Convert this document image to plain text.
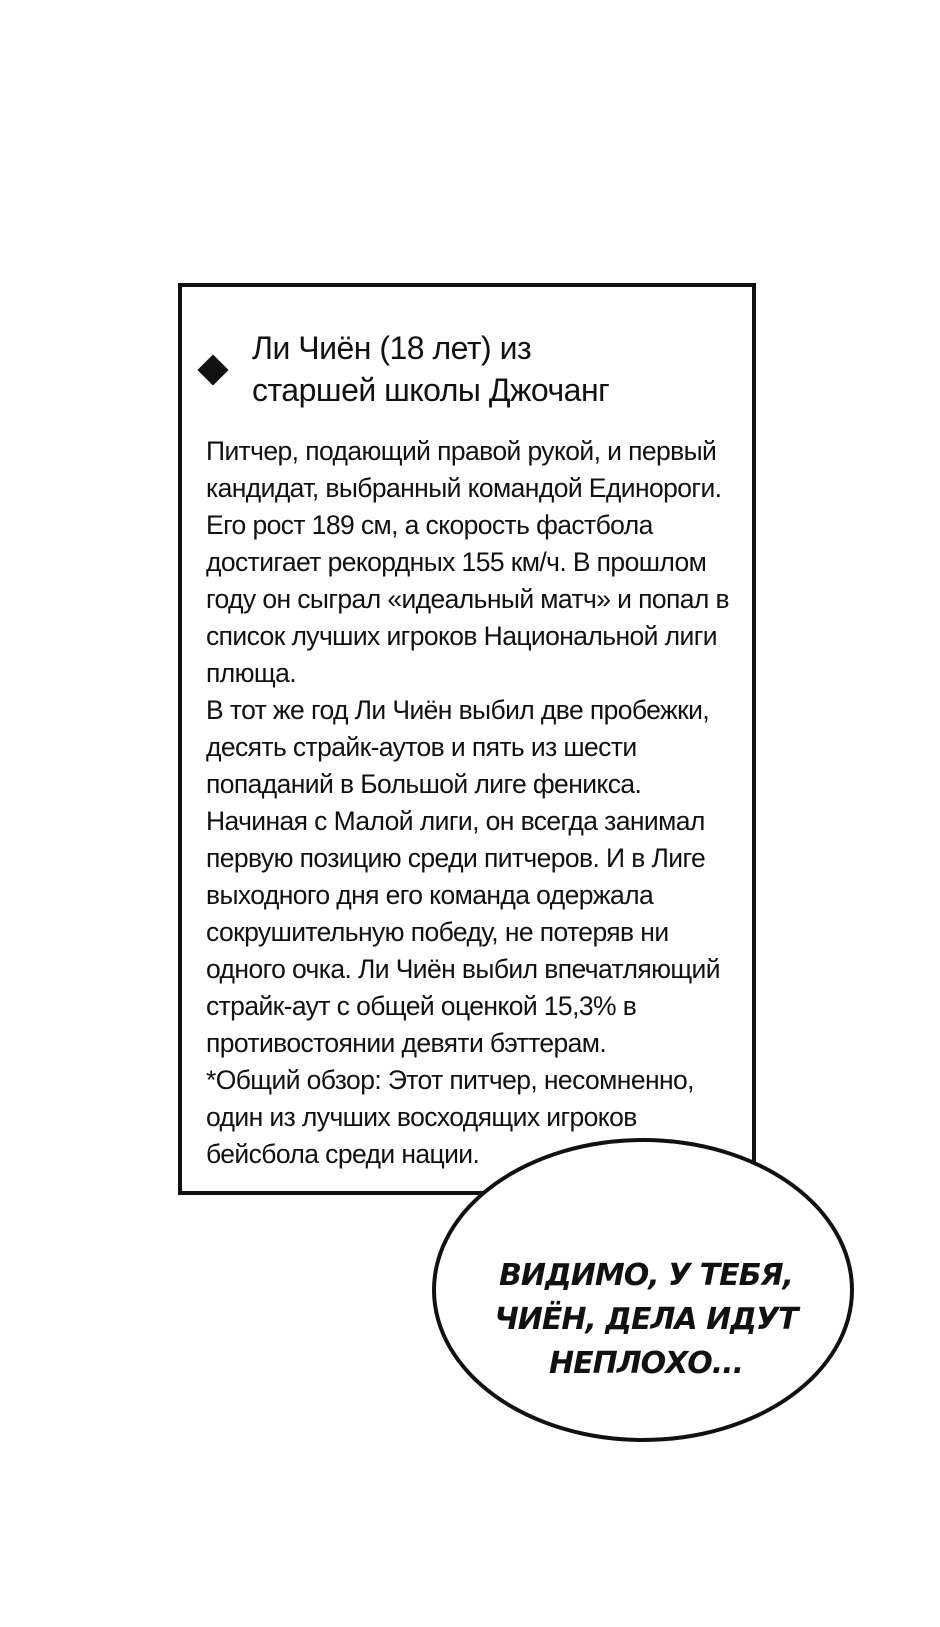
Ли Чиён (18 лет) из
старшей школы Джочанг

Питчер, подающий правой рукой, и первый
кандидат, выбранный командой Единороги.
Его рост 189 см, а скорость фастбола
достигает рекордных 155 км/ч. В прошлом
году он сыграл «идеальный матч» и попал в
список лучших игроков Национальной лиги
плюща.
В тот же год Ли Чиён выбил две пробежки,
десять страйк-аутов и пять из шести
попаданий в Большой лиге феникса.
Начиная с Малой лиги, он всегда занимал
первую позицию среди питчеров. И в Лиге
выходного дня его команда одержала
сокрушительную победу, не потеряв ни
одного очка. Ли Чиён выбил впечатляющий
страйк-аут с общей оценкой 15,3% в
противостоянии девяти бэттерам.
*Общий обзор: Этот питчер, несомненно,
один из лучших восходящих игроков
бейсбола среди нации.

ВИДИМО, У ТЕБЯ,
ЧИЁН, ДЕЛА ИДУТ
НЕПЛОХО...
